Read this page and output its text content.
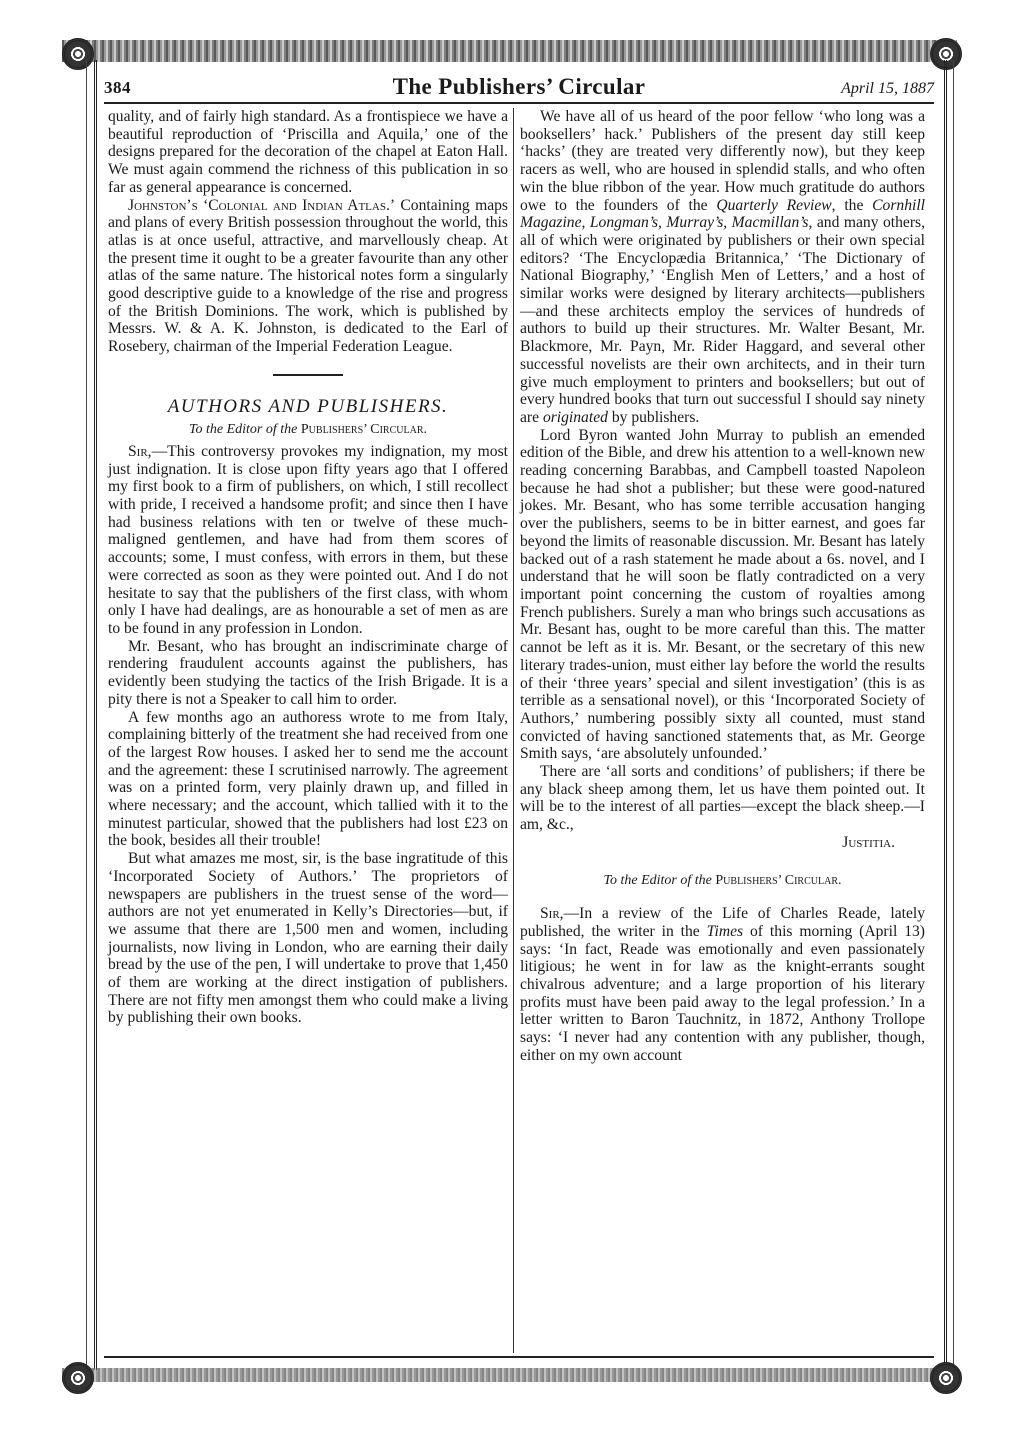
384	The Publishers’ Circular	April 15, 1887

quality, and of fairly high standard. As a frontispiece we have a beautiful reproduction of ‘Priscilla and Aquila,’ one of the designs prepared for the decoration of the chapel at Eaton Hall. We must again commend the richness of this publication in so far as general appearance is concerned.

Johnston’s ‘Colonial and Indian Atlas.’ Containing maps and plans of every British possession throughout the world, this atlas is at once useful, attractive, and marvellously cheap. At the present time it ought to be a greater favourite than any other atlas of the same nature. The historical notes form a singularly good descriptive guide to a knowledge of the rise and progress of the British Dominions. The work, which is published by Messrs. W. & A. K. Johnston, is dedicated to the Earl of Rosebery, chairman of the Imperial Federation League.

AUTHORS AND PUBLISHERS.
To the Editor of the Publishers’ Circular.

Sir,—This controversy provokes my indignation, my most just indignation. It is close upon fifty years ago that I offered my first book to a firm of publishers, on which, I still recollect with pride, I received a handsome profit; and since then I have had business relations with ten or twelve of these much-maligned gentlemen, and have had from them scores of accounts; some, I must confess, with errors in them, but these were corrected as soon as they were pointed out. And I do not hesitate to say that the publishers of the first class, with whom only I have had dealings, are as honourable a set of men as are to be found in any profession in London.

Mr. Besant, who has brought an indiscriminate charge of rendering fraudulent accounts against the publishers, has evidently been studying the tactics of the Irish Brigade. It is a pity there is not a Speaker to call him to order.

A few months ago an authoress wrote to me from Italy, complaining bitterly of the treatment she had received from one of the largest Row houses. I asked her to send me the account and the agreement: these I scrutinised narrowly. The agreement was on a printed form, very plainly drawn up, and filled in where necessary; and the account, which tallied with it to the minutest particular, showed that the publishers had lost £23 on the book, besides all their trouble!

But what amazes me most, sir, is the base ingratitude of this ‘Incorporated Society of Authors.’ The proprietors of newspapers are publishers in the truest sense of the word—authors are not yet enumerated in Kelly’s Directories—but, if we assume that there are 1,500 men and women, including journalists, now living in London, who are earning their daily bread by the use of the pen, I will undertake to prove that 1,450 of them are working at the direct instigation of publishers. There are not fifty men amongst them who could make a living by publishing their own books.

We have all of us heard of the poor fellow ‘who long was a booksellers’ hack.’ Publishers of the present day still keep ‘hacks’ (they are treated very differently now), but they keep racers as well, who are housed in splendid stalls, and who often win the blue ribbon of the year. How much gratitude do authors owe to the founders of the Quarterly Review, the Cornhill Magazine, Longman’s, Murray’s, Macmillan’s, and many others, all of which were originated by publishers or their own special editors? ‘The Encyclopædia Britannica,’ ‘The Dictionary of National Biography,’ ‘English Men of Letters,’ and a host of similar works were designed by literary architects—publishers—and these architects employ the services of hundreds of authors to build up their structures. Mr. Walter Besant, Mr. Blackmore, Mr. Payn, Mr. Rider Haggard, and several other successful novelists are their own architects, and in their turn give much employment to printers and booksellers; but out of every hundred books that turn out successful I should say ninety are originated by publishers.

Lord Byron wanted John Murray to publish an emended edition of the Bible, and drew his attention to a well-known new reading concerning Barabbas, and Campbell toasted Napoleon because he had shot a publisher; but these were good-natured jokes. Mr. Besant, who has some terrible accusation hanging over the publishers, seems to be in bitter earnest, and goes far beyond the limits of reasonable discussion. Mr. Besant has lately backed out of a rash statement he made about a 6s. novel, and I understand that he will soon be flatly contradicted on a very important point concerning the custom of royalties among French publishers. Surely a man who brings such accusations as Mr. Besant has, ought to be more careful than this. The matter cannot be left as it is. Mr. Besant, or the secretary of this new literary trades-union, must either lay before the world the results of their ‘three years’ special and silent investigation’ (this is as terrible as a sensational novel), or this ‘Incorporated Society of Authors,’ numbering possibly sixty all counted, must stand convicted of having sanctioned statements that, as Mr. George Smith says, ‘are absolutely unfounded.’

There are ‘all sorts and conditions’ of publishers; if there be any black sheep among them, let us have them pointed out. It will be to the interest of all parties—except the black sheep.—I am, &c.,

Justitia.

To the Editor of the Publishers’ Circular.

Sir,—In a review of the Life of Charles Reade, lately published, the writer in the Times of this morning (April 13) says: ‘In fact, Reade was emotionally and even passionately litigious; he went in for law as the knight-errants sought chivalrous adventure; and a large proportion of his literary profits must have been paid away to the legal profession.’ In a letter written to Baron Tauchnitz, in 1872, Anthony Trollope says: ‘I never had any contention with any publisher, though, either on my own account
